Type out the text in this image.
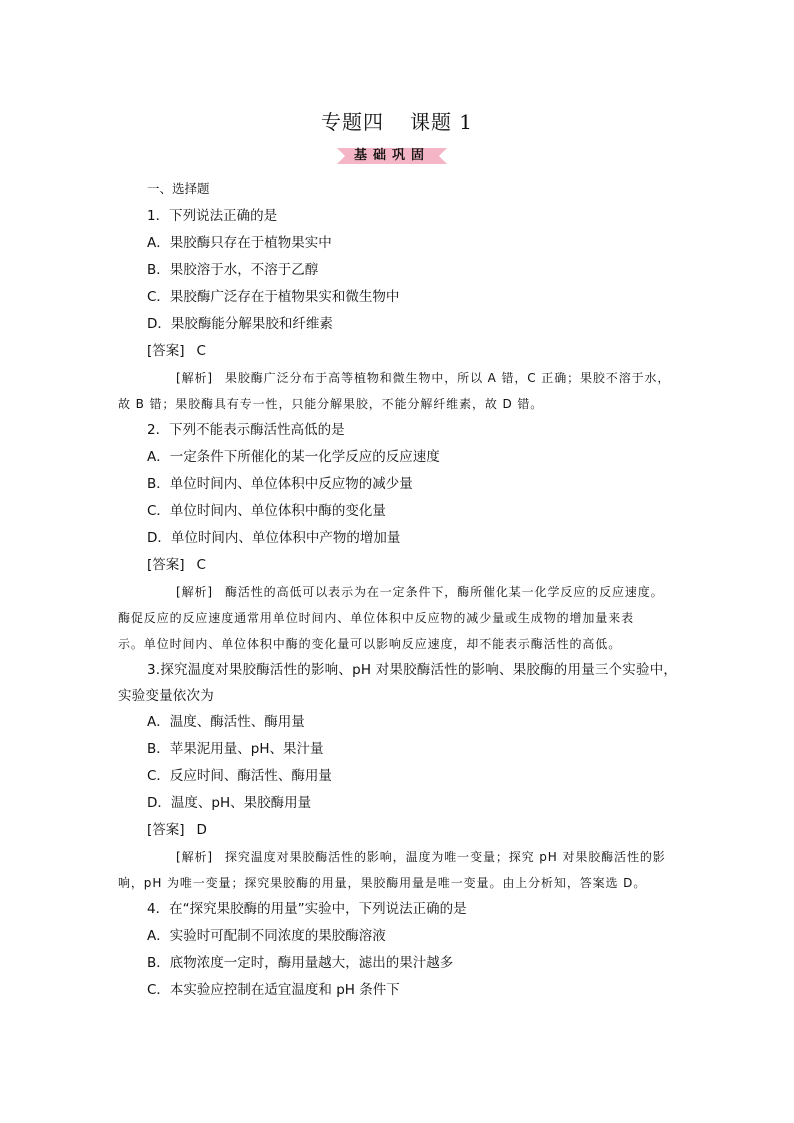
专题四 课题 1
基础巩固
一、选择题
1．下列说法正确的是
A．果胶酶只存在于植物果实中
B．果胶溶于水，不溶于乙醇
C．果胶酶广泛存在于植物果实和微生物中
D．果胶酶能分解果胶和纤维素
[答案] C
[解析] 果胶酶广泛分布于高等植物和微生物中，所以 A 错，C 正确；果胶不溶于水，
故 B 错；果胶酶具有专一性，只能分解果胶，不能分解纤维素，故 D 错。
2．下列不能表示酶活性高低的是
A．一定条件下所催化的某一化学反应的反应速度
B．单位时间内、单位体积中反应物的减少量
C．单位时间内、单位体积中酶的变化量
D．单位时间内、单位体积中产物的增加量
[答案] C
[解析] 酶活性的高低可以表示为在一定条件下，酶所催化某一化学反应的反应速度。
酶促反应的反应速度通常用单位时间内、单位体积中反应物的减少量或生成物的增加量来表
示。单位时间内、单位体积中酶的变化量可以影响反应速度，却不能表示酶活性的高低。
3.探究温度对果胶酶活性的影响、pH 对果胶酶活性的影响、果胶酶的用量三个实验中，
实验变量依次为
A．温度、酶活性、酶用量
B．苹果泥用量、pH、果汁量
C．反应时间、酶活性、酶用量
D．温度、pH、果胶酶用量
[答案] D
[解析] 探究温度对果胶酶活性的影响，温度为唯一变量；探究 pH 对果胶酶活性的影
响，pH 为唯一变量；探究果胶酶的用量，果胶酶用量是唯一变量。由上分析知，答案选 D。
4．在“探究果胶酶的用量”实验中，下列说法正确的是
A．实验时可配制不同浓度的果胶酶溶液
B．底物浓度一定时，酶用量越大，滤出的果汁越多
C．本实验应控制在适宜温度和 pH 条件下
